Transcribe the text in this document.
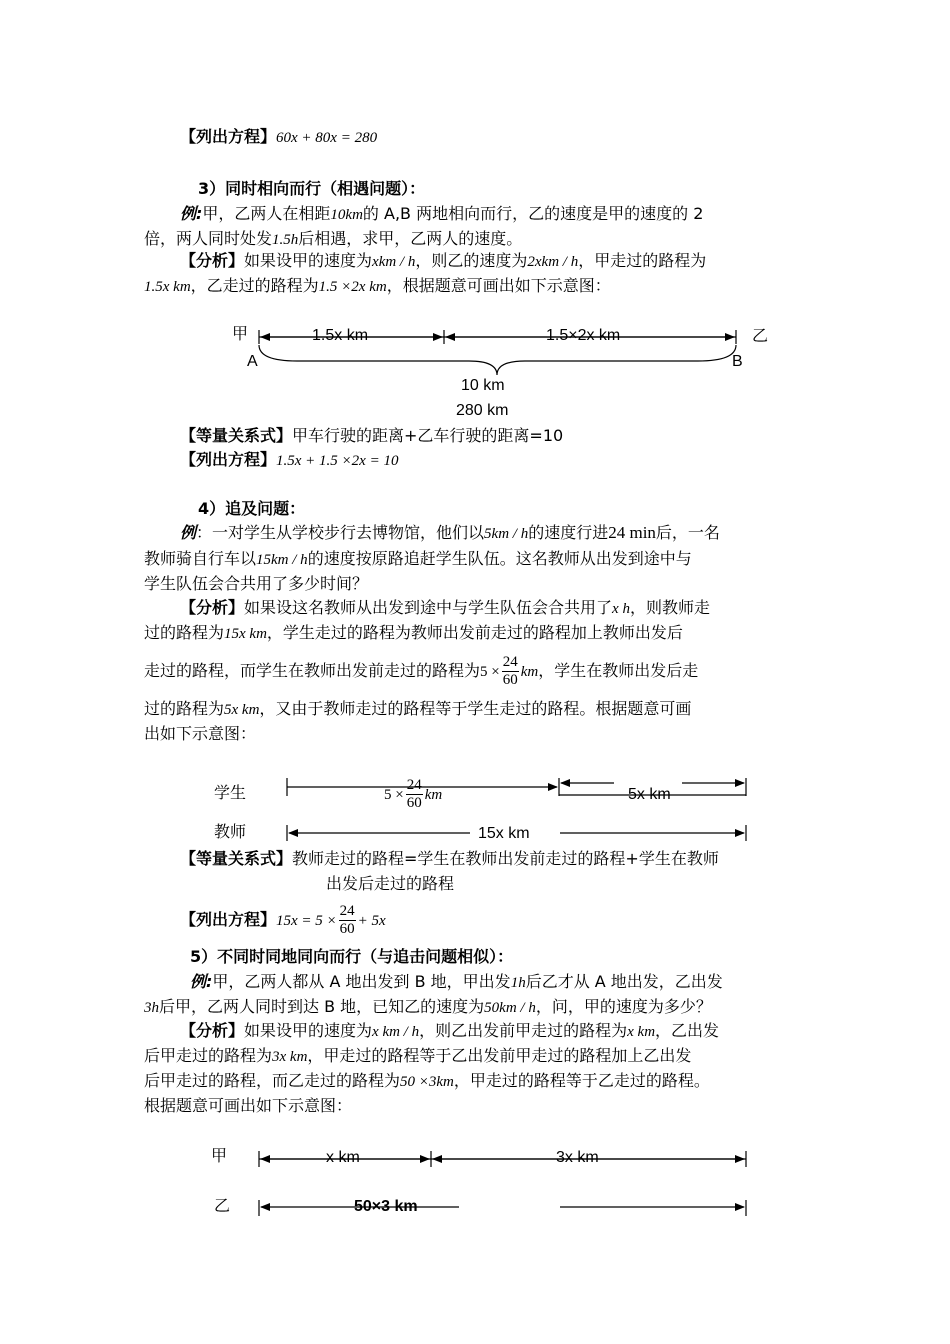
【列出方程】60x + 80x = 280
3）同时相向而行（相遇问题）：
例:甲，乙两人在相距10km的 A,B 两地相向而行，乙的速度是甲的速度的 2
倍，两人同时处发1.5h后相遇，求甲，乙两人的速度。
【分析】如果设甲的速度为xkm / h，则乙的速度为2xkm / h，甲走过的路程为
1.5x km，乙走过的路程为1.5 ×2x km，根据题意可画出如下示意图：
甲	乙
A	B
1.5x km	1.5×2x km
10 km
280 km
【等量关系式】甲车行驶的距离+乙车行驶的距离=10
【列出方程】1.5x + 1.5 ×2x = 10
4）追及问题：
例：一对学生从学校步行去博物馆，他们以5km / h的速度行进24 min后，一名
教师骑自行车以15km / h的速度按原路追赶学生队伍。这名教师从出发到途中与
学生队伍会合共用了多少时间？
【分析】如果设这名教师从出发到途中与学生队伍会合共用了x h，则教师走
过的路程为15x km，学生走过的路程为教师出发前走过的路程加上教师出发后
走过的路程，而学生在教师出发前走过的路程为$5 \times \frac{24}{60}$ km，学生在教师出发后走
过的路程为5x km，又由于教师走过的路程等于学生走过的路程。根据题意可画
出如下示意图：
学生
教师
$5 \times \frac{24}{60}$ km	5x km
15x km
【等量关系式】教师走过的路程=学生在教师出发前走过的路程+学生在教师
出发后走过的路程
【列出方程】$15x = 5 \times \frac{24}{60} + 5x$
5）不同时同地同向而行（与追击问题相似）：
例:甲，乙两人都从 A 地出发到 B 地，甲出发1h后乙才从 A 地出发，乙出发
3h后甲，乙两人同时到达 B 地，已知乙的速度为50km / h，问，甲的速度为多少？
【分析】如果设甲的速度为x km / h，则乙出发前甲走过的路程为x km，乙出发
后甲走过的路程为3x km，甲走过的路程等于乙出发前甲走过的路程加上乙出发
后甲走过的路程，而乙走过的路程为50 ×3km，甲走过的路程等于乙走过的路程。
根据题意可画出如下示意图：
甲
乙
x km	3x km
50×3 km
